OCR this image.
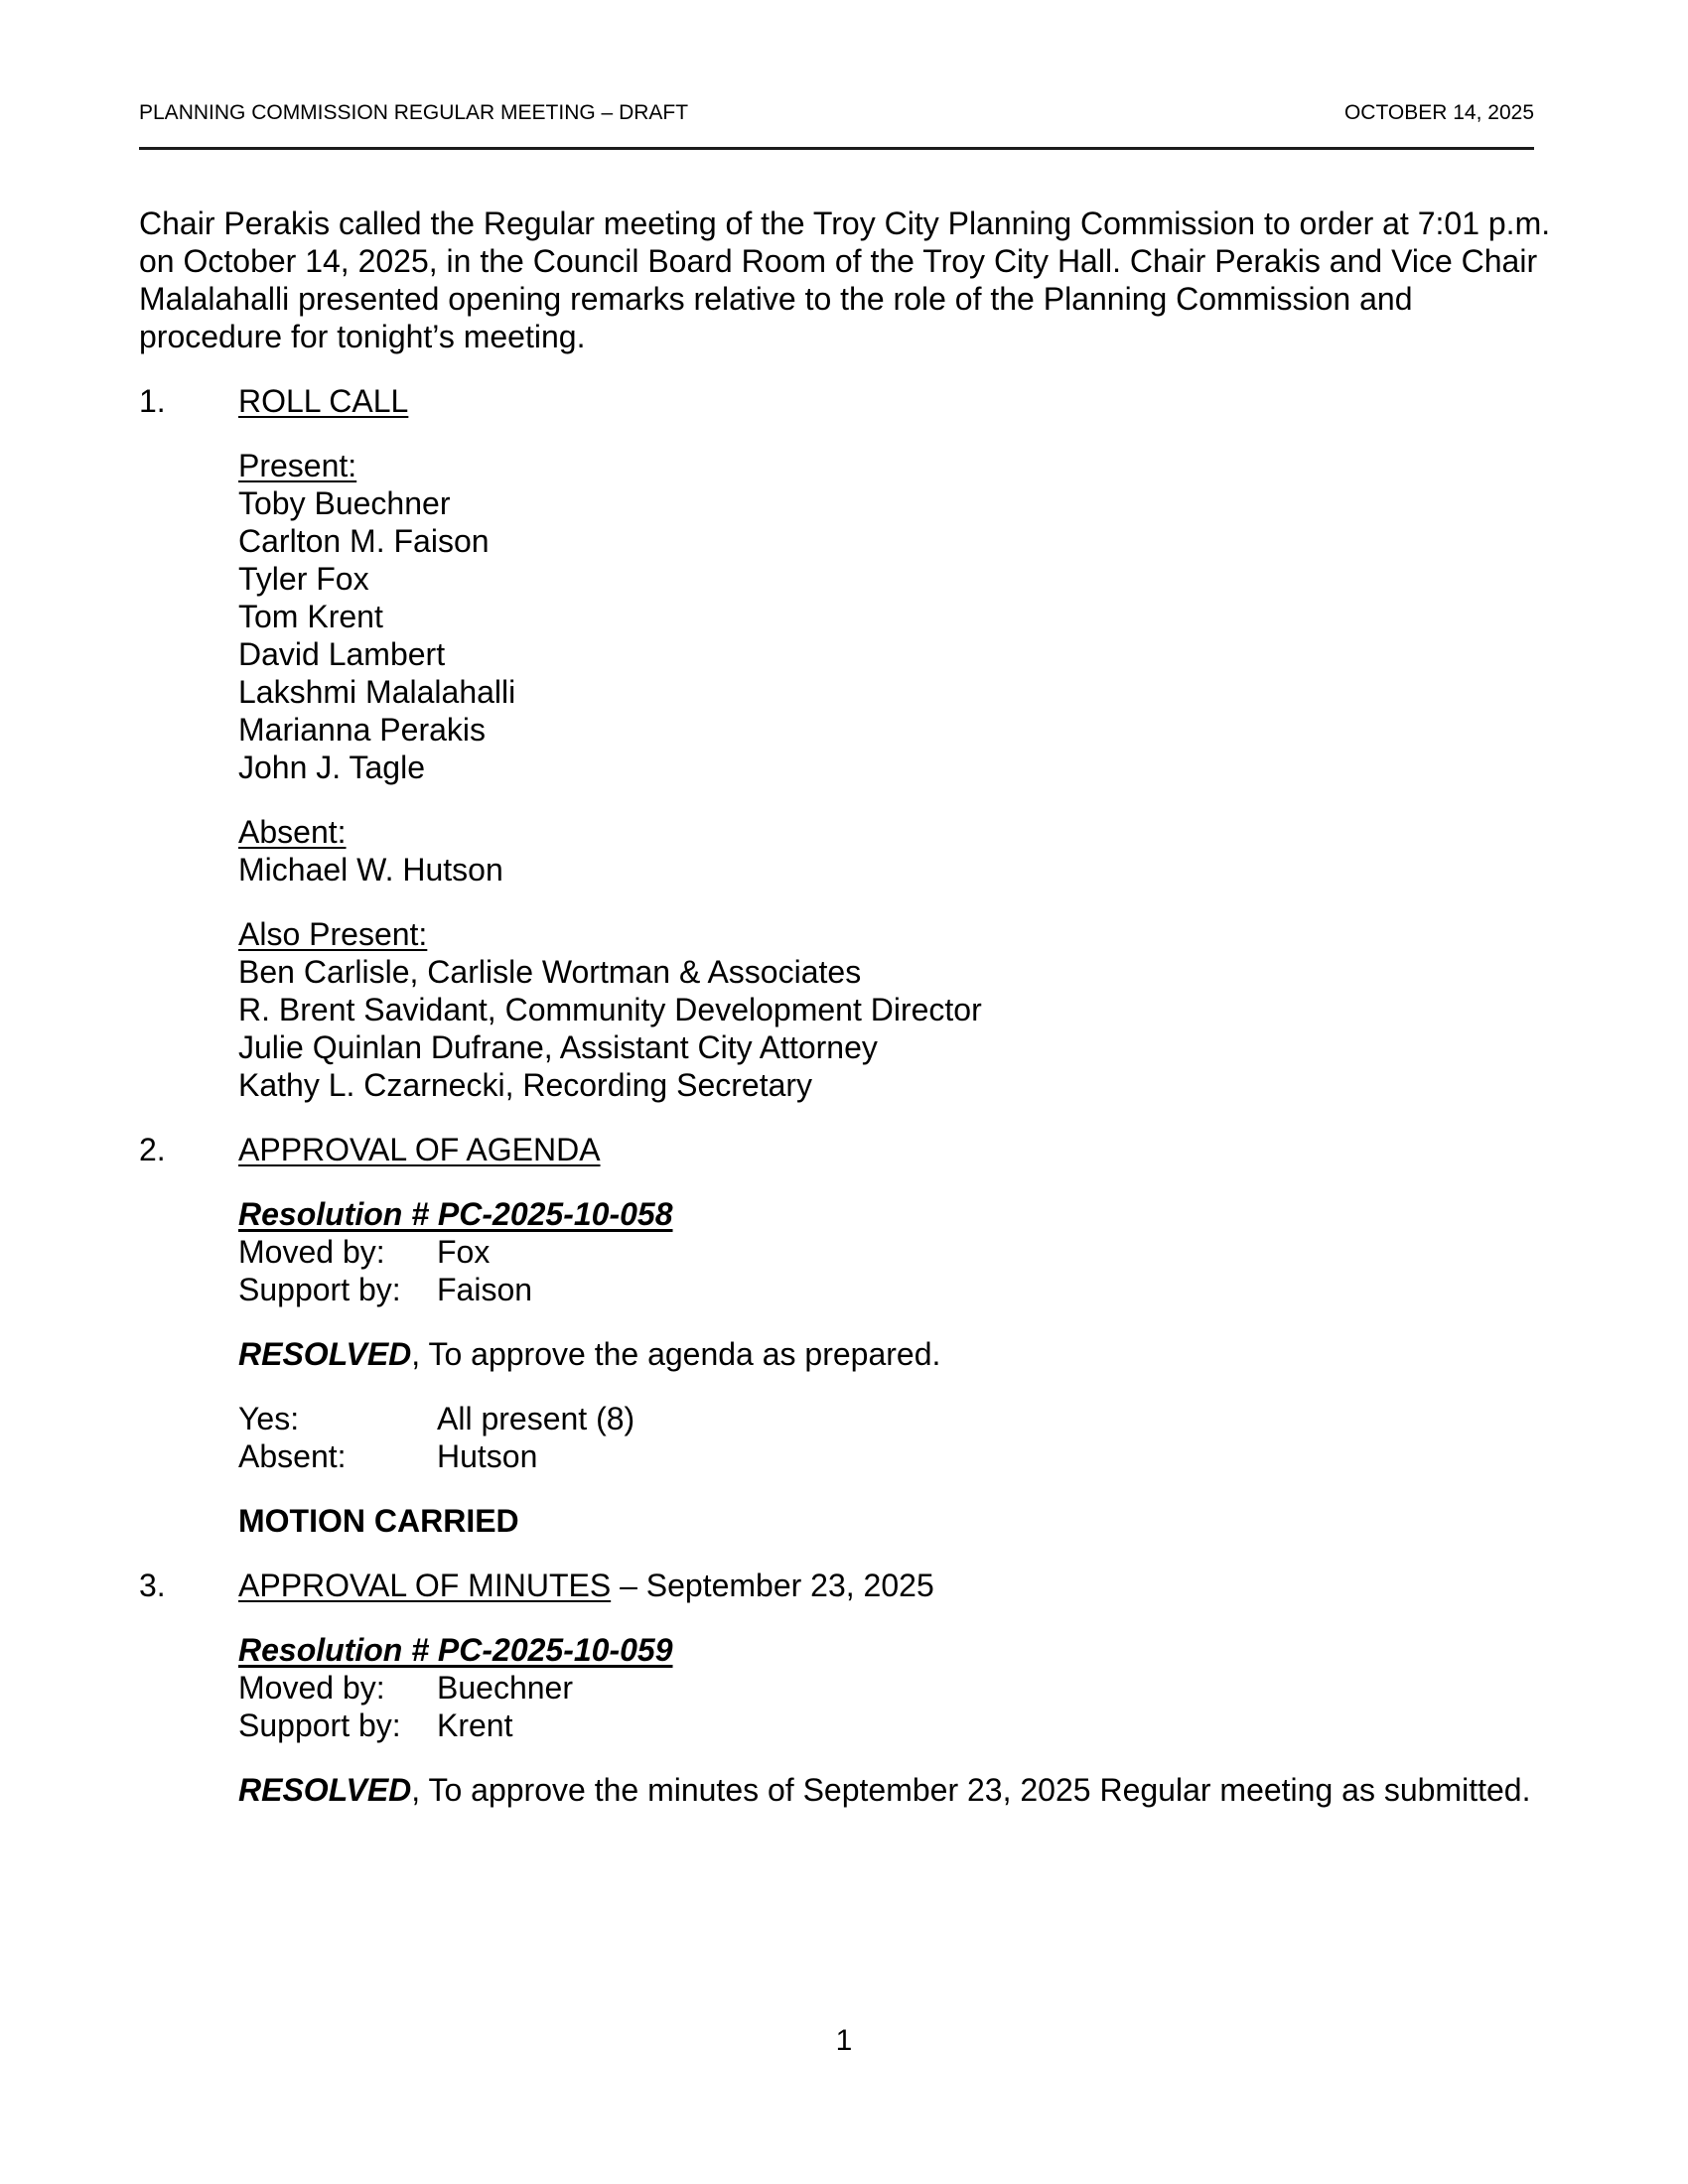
PLANNING COMMISSION REGULAR MEETING – DRAFT	OCTOBER 14, 2025
Chair Perakis called the Regular meeting of the Troy City Planning Commission to order at 7:01 p.m. on October 14, 2025, in the Council Board Room of the Troy City Hall. Chair Perakis and Vice Chair Malalahalli presented opening remarks relative to the role of the Planning Commission and procedure for tonight’s meeting.
1. ROLL CALL
Present:
Toby Buechner
Carlton M. Faison
Tyler Fox
Tom Krent
David Lambert
Lakshmi Malalahalli
Marianna Perakis
John J. Tagle
Absent:
Michael W. Hutson
Also Present:
Ben Carlisle, Carlisle Wortman & Associates
R. Brent Savidant, Community Development Director
Julie Quinlan Dufrane, Assistant City Attorney
Kathy L. Czarnecki, Recording Secretary
2. APPROVAL OF AGENDA
Resolution # PC-2025-10-058
Moved by: Fox
Support by: Faison
RESOLVED, To approve the agenda as prepared.
Yes:	All present (8)
Absent:	Hutson
MOTION CARRIED
3. APPROVAL OF MINUTES – September 23, 2025
Resolution # PC-2025-10-059
Moved by: Buechner
Support by: Krent
RESOLVED, To approve the minutes of September 23, 2025 Regular meeting as submitted.
1
